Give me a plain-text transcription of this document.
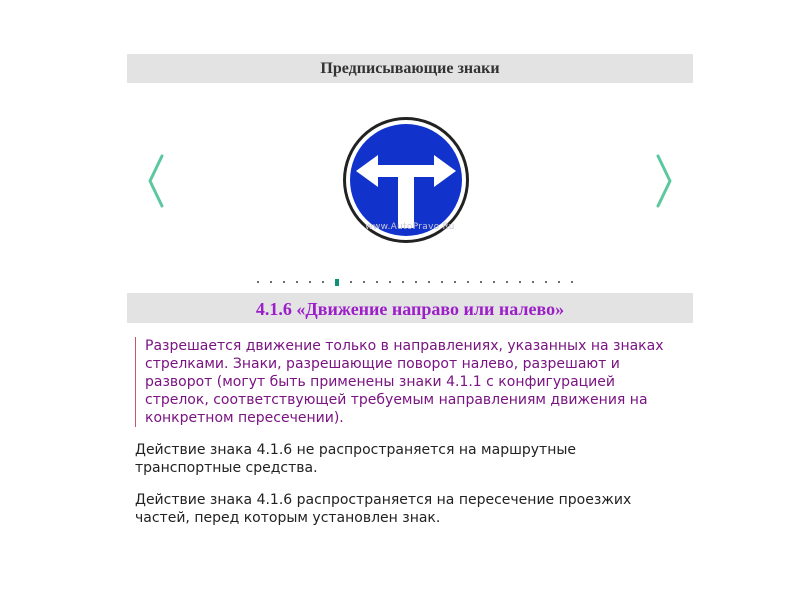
Предписывающие знаки
www.AutoPravo.Ru
4.1.6 «Движение направо или налево»
Разрешается движение только в направлениях, указанных на знаках стрелками. Знаки, разрешающие поворот налево, разрешают и разворот (могут быть применены знаки 4.1.1 с конфигурацией стрелок, соответствующей требуемым направлениям движения на конкретном пересечении).
Действие знака 4.1.6 не распространяется на маршрутные транспортные средства.
Действие знака 4.1.6 распространяется на пересечение проезжих частей, перед которым установлен знак.
